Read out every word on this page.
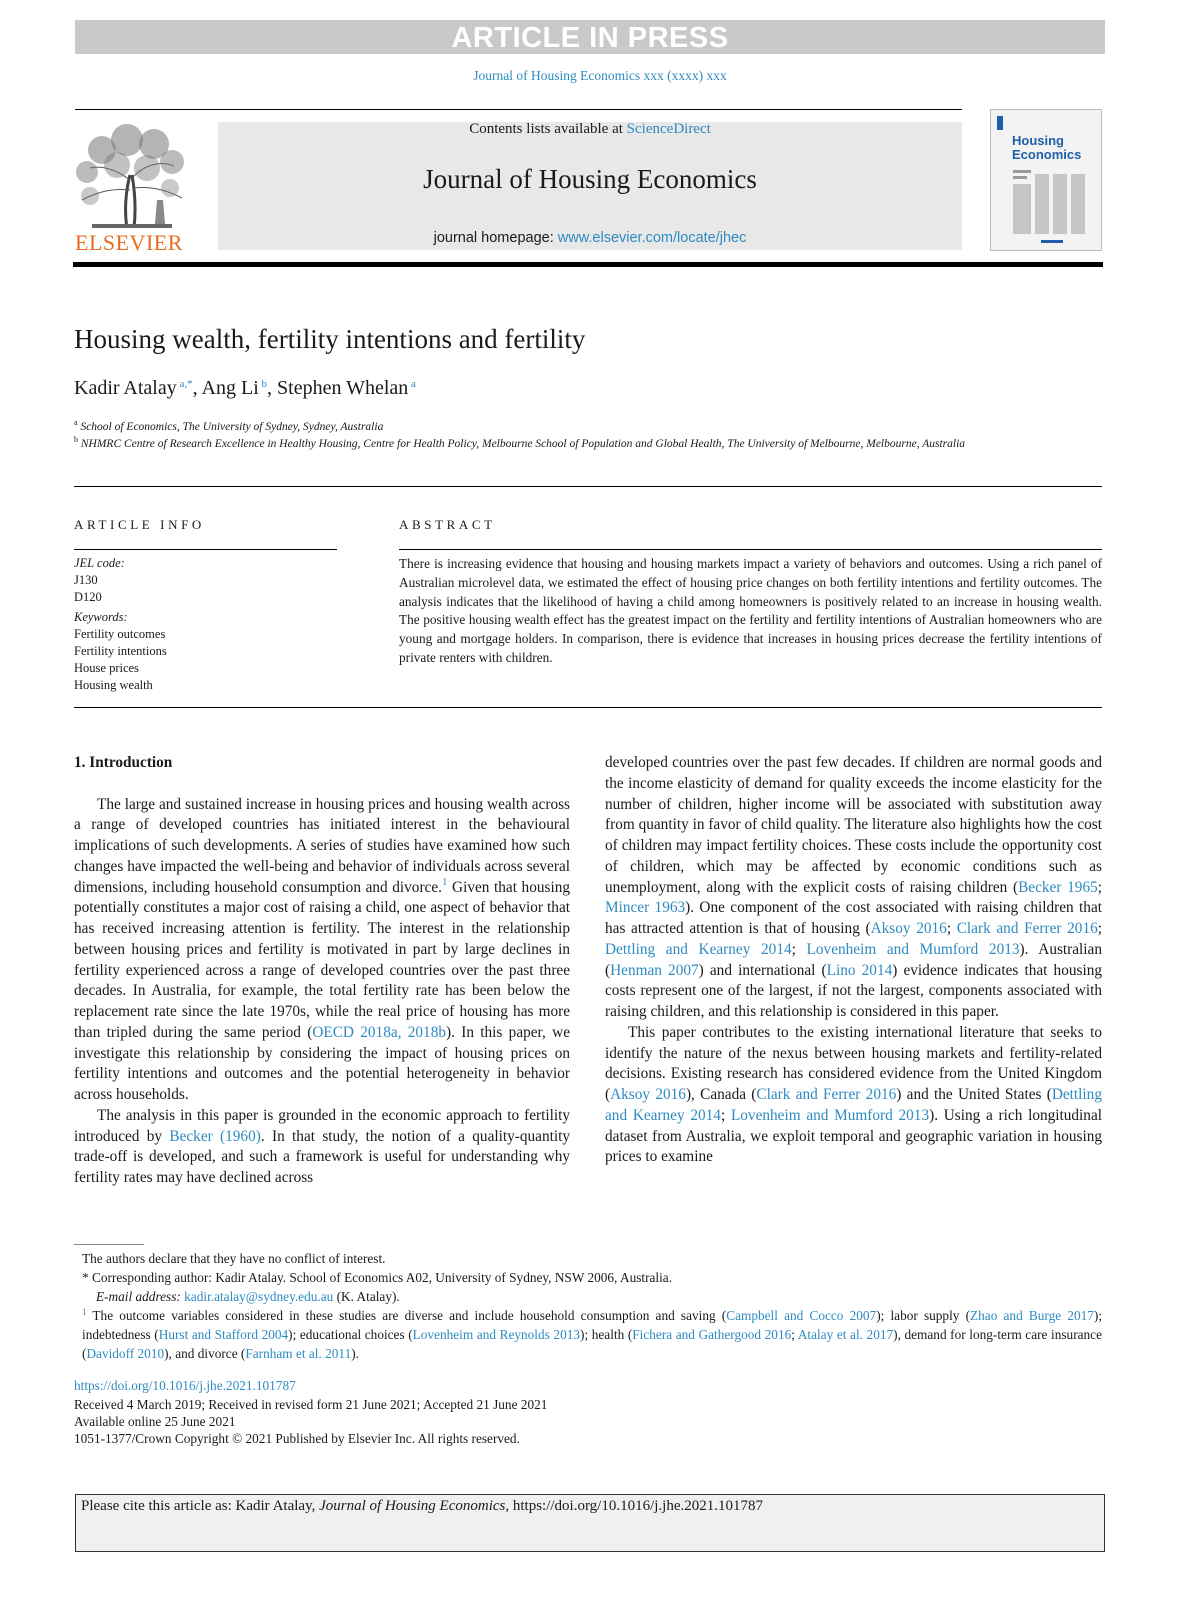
ARTICLE IN PRESS
Journal of Housing Economics xxx (xxxx) xxx
ELSEVIER
Contents lists available at ScienceDirect
Journal of Housing Economics
journal homepage: www.elsevier.com/locate/jhec
Housing
Economics
Housing wealth, fertility intentions and fertility
Kadir Atalay $^{a,*}$, Ang Li $^b$, Stephen Whelan $^a$
$^a$ School of Economics, The University of Sydney, Sydney, Australia
$^b$ NHMRC Centre of Research Excellence in Healthy Housing, Centre for Health Policy, Melbourne School of Population and Global Health, The University of Melbourne, Melbourne, Australia
ARTICLE INFO	ABSTRACT
JEL code:
J130
D120
Keywords:
Fertility outcomes
Fertility intentions
House prices
Housing wealth
There is increasing evidence that housing and housing markets impact a variety of behaviors and outcomes. Using a rich panel of Australian microlevel data, we estimated the effect of housing price changes on both fertility intentions and fertility outcomes. The analysis indicates that the likelihood of having a child among homeowners is positively related to an increase in housing wealth. The positive housing wealth effect has the greatest impact on the fertility and fertility intentions of Australian homeowners who are young and mortgage holders. In comparison, there is evidence that increases in housing prices decrease the fertility intentions of private renters with children.

1. Introduction

The large and sustained increase in housing prices and housing wealth across a range of developed countries has initiated interest in the behavioural implications of such developments. A series of studies have examined how such changes have impacted the well-being and behavior of individuals across several dimensions, including household consumption and divorce.$^1$ Given that housing potentially constitutes a major cost of raising a child, one aspect of behavior that has received increasing attention is fertility. The interest in the relationship between housing prices and fertility is motivated in part by large declines in fertility experienced across a range of developed countries over the past three decades. In Australia, for example, the total fertility rate has been below the replacement rate since the late 1970s, while the real price of housing has more than tripled during the same period (OECD 2018a, 2018b). In this paper, we investigate this relationship by considering the impact of housing prices on fertility intentions and outcomes and the potential heterogeneity in behavior across households.

The analysis in this paper is grounded in the economic approach to fertility introduced by Becker (1960). In that study, the notion of a quality-quantity trade-off is developed, and such a framework is useful for understanding why fertility rates may have declined across

developed countries over the past few decades. If children are normal goods and the income elasticity of demand for quality exceeds the income elasticity for the number of children, higher income will be associated with substitution away from quantity in favor of child quality. The literature also highlights how the cost of children may impact fertility choices. These costs include the opportunity cost of children, which may be affected by economic conditions such as unemployment, along with the explicit costs of raising children (Becker 1965; Mincer 1963). One component of the cost associated with raising children that has attracted attention is that of housing (Aksoy 2016; Clark and Ferrer 2016; Dettling and Kearney 2014; Lovenheim and Mumford 2013). Australian (Henman 2007) and international (Lino 2014) evidence indicates that housing costs represent one of the largest, if not the largest, components associated with raising children, and this relationship is considered in this paper.

This paper contributes to the existing international literature that seeks to identify the nature of the nexus between housing markets and fertility-related decisions. Existing research has considered evidence from the United Kingdom (Aksoy 2016), Canada (Clark and Ferrer 2016) and the United States (Dettling and Kearney 2014; Lovenheim and Mumford 2013). Using a rich longitudinal dataset from Australia, we exploit temporal and geographic variation in housing prices to examine

The authors declare that they have no conflict of interest.

* Corresponding author: Kadir Atalay. School of Economics A02, University of Sydney, NSW 2006, Australia.

E-mail address: kadir.atalay@sydney.edu.au (K. Atalay).

$^1$ The outcome variables considered in these studies are diverse and include household consumption and saving (Campbell and Cocco 2007); labor supply (Zhao and Burge 2017); indebtedness (Hurst and Stafford 2004); educational choices (Lovenheim and Reynolds 2013); health (Fichera and Gathergood 2016; Atalay et al. 2017), demand for long-term care insurance (Davidoff 2010), and divorce (Farnham et al. 2011).

https://doi.org/10.1016/j.jhe.2021.101787

Received 4 March 2019; Received in revised form 21 June 2021; Accepted 21 June 2021

Available online 25 June 2021

1051-1377/Crown Copyright © 2021 Published by Elsevier Inc. All rights reserved.

Please cite this article as: Kadir Atalay, Journal of Housing Economics, https://doi.org/10.1016/j.jhe.2021.101787
